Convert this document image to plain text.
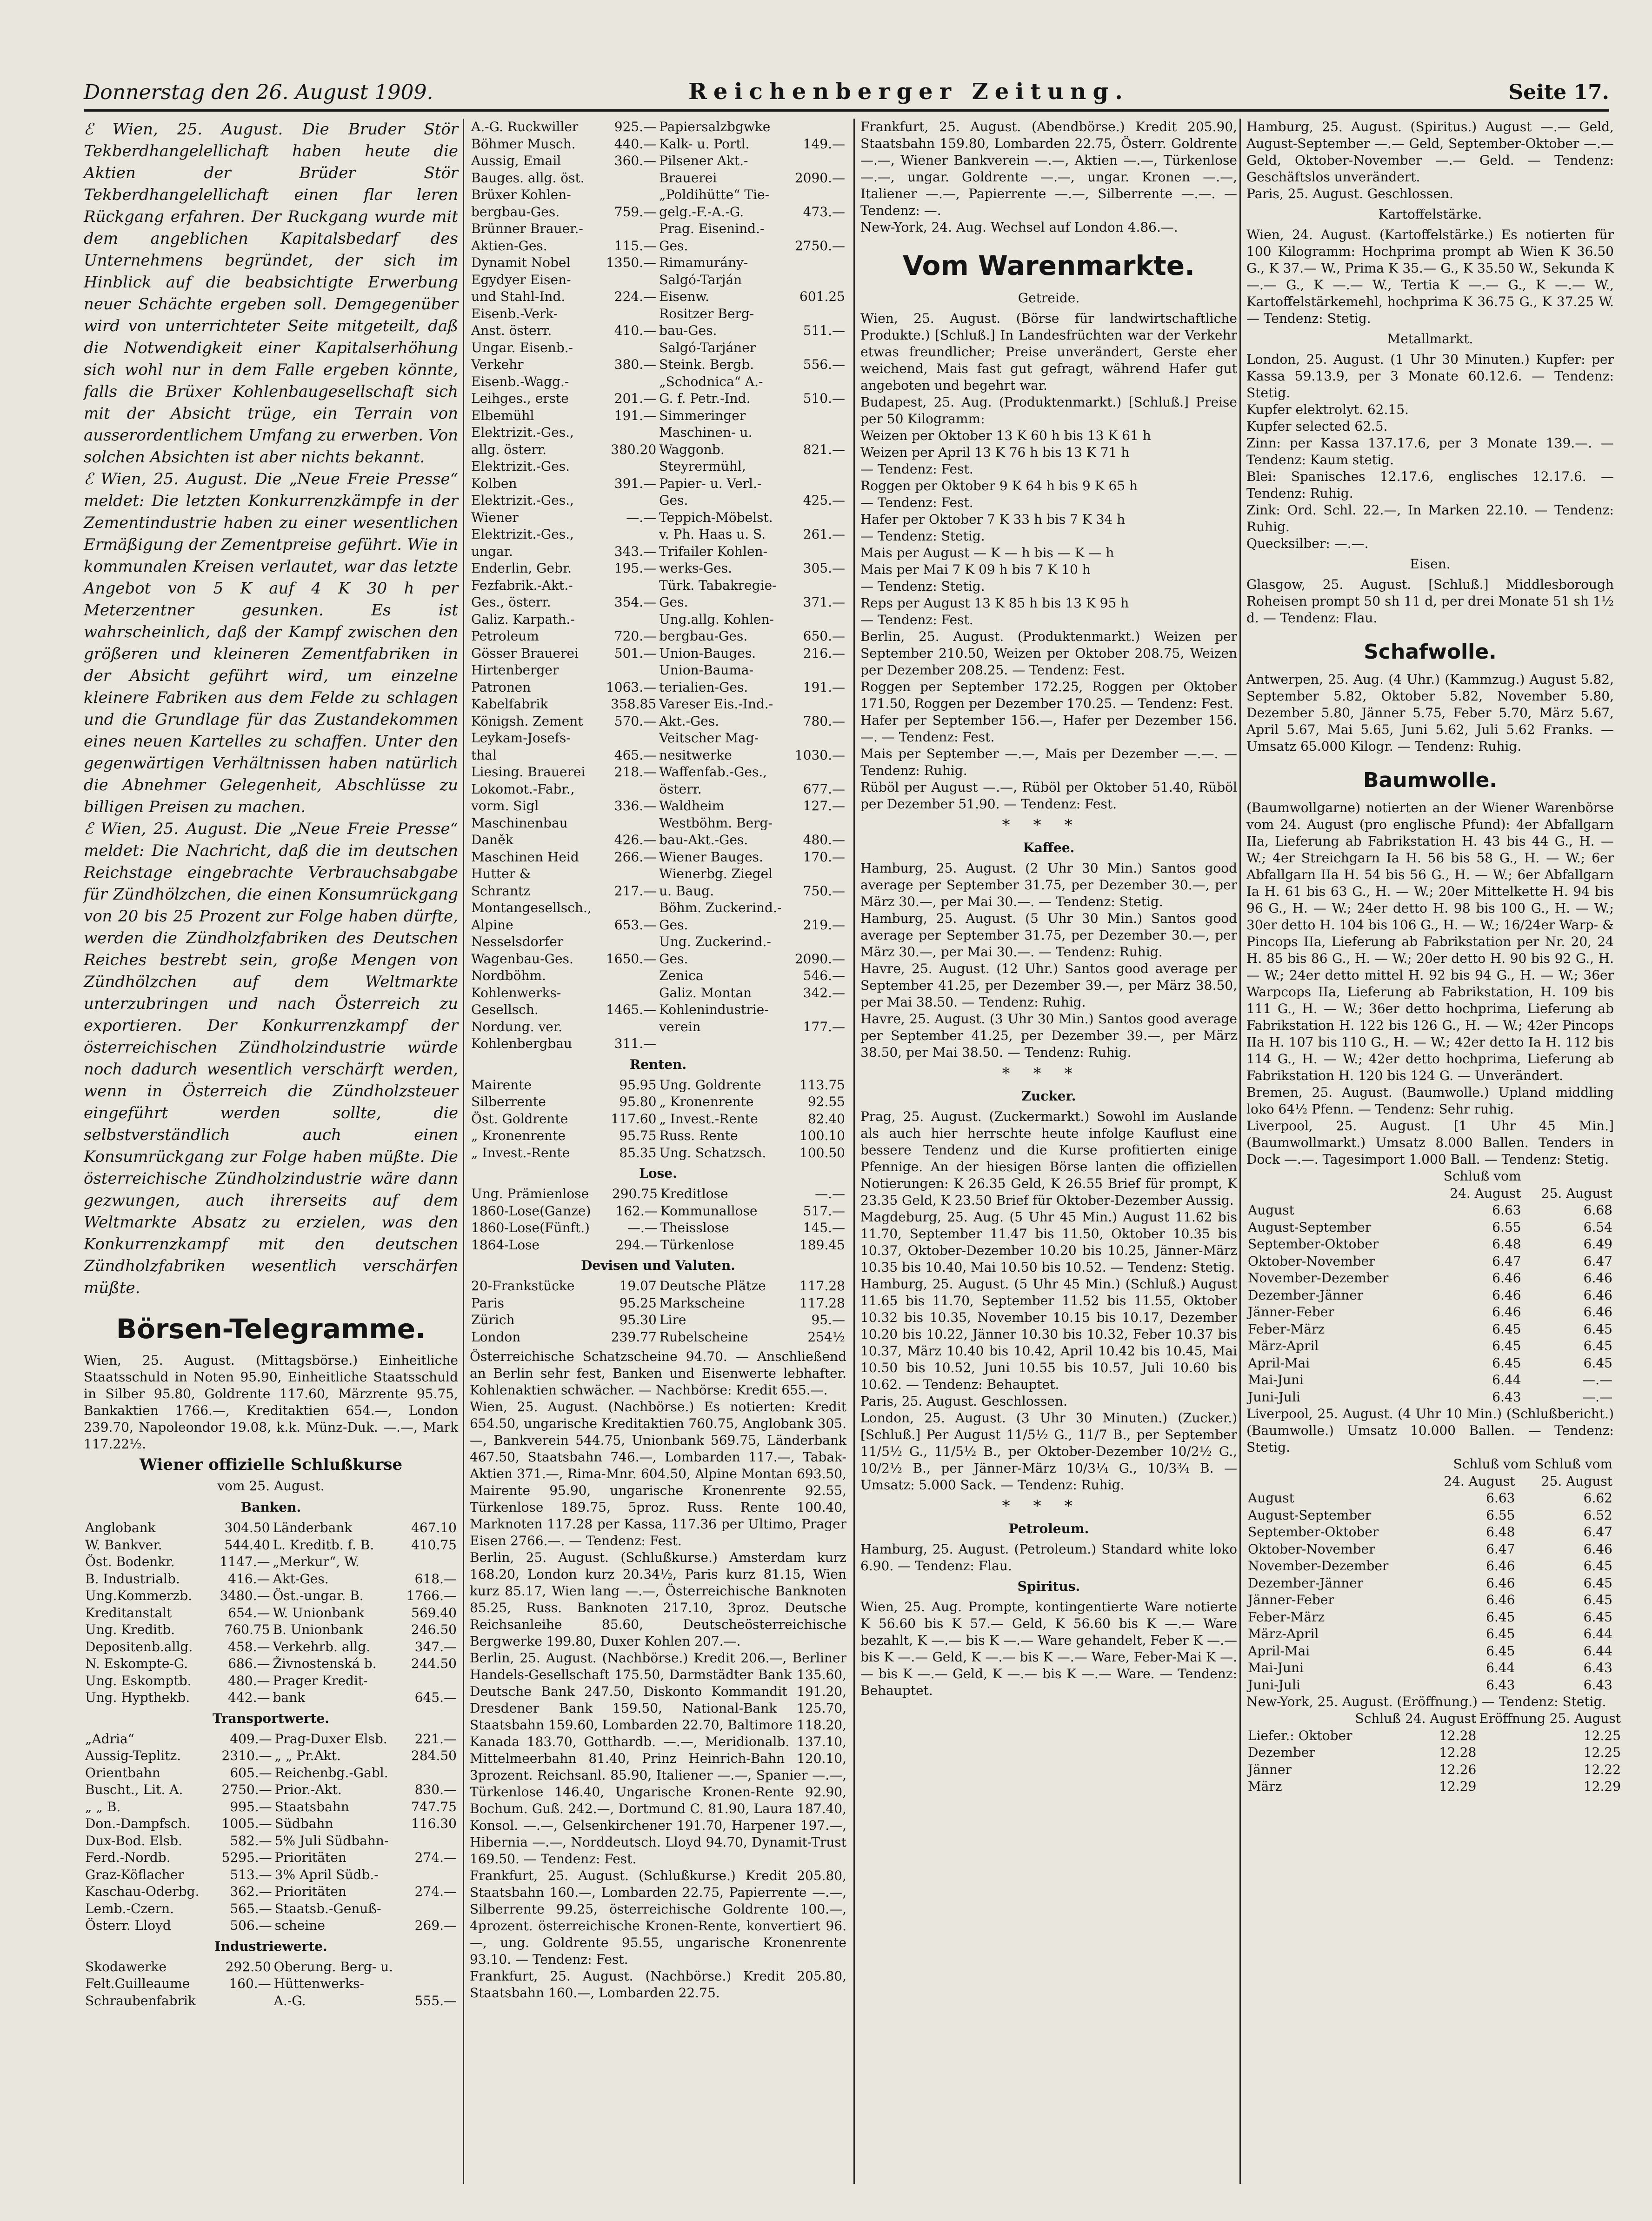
Donnerstag den 26. August 1909.	Reichenberger Zeitung.	Seite 17.

ℰ Wien, 25. August. Die Bruder Stör Tekberdhangelellichaft haben heute die Aktien der Brüder Stör Tekberdhangelellichaft einen flar leren Rückgang erfahren. Der Ruckgang wurde mit dem angeblichen Kapitalsbedarf des Unternehmens begründet, der sich im Hinblick auf die beabsichtigte Erwerbung neuer Schächte ergeben soll. Demgegenüber wird von unterrichteter Seite mitgeteilt, daß die Notwendigkeit einer Kapitalserhöhung sich wohl nur in dem Falle ergeben könnte, falls die Brüxer Kohlenbaugesellschaft sich mit der Absicht trüge, ein Terrain von ausserordentlichem Umfang zu erwerben. Von solchen Absichten ist aber nichts bekannt.

ℰ Wien, 25. August. Die „Neue Freie Presse“ meldet: Die letzten Konkurrenzkämpfe in der Zementindustrie haben zu einer wesentlichen Ermäßigung der Zementpreise geführt. Wie in kommunalen Kreisen verlautet, war das letzte Angebot von 5 K auf 4 K 30 h per Meterzentner gesunken. Es ist wahrscheinlich, daß der Kampf zwischen den größeren und kleineren Zementfabriken in der Absicht geführt wird, um einzelne kleinere Fabriken aus dem Felde zu schlagen und die Grundlage für das Zustandekommen eines neuen Kartelles zu schaffen. Unter den gegenwärtigen Verhältnissen haben natürlich die Abnehmer Gelegenheit, Abschlüsse zu billigen Preisen zu machen.

ℰ Wien, 25. August. Die „Neue Freie Presse“ meldet: Die Nachricht, daß die im deutschen Reichstage eingebrachte Verbrauchsabgabe für Zündhölzchen, die einen Konsumrückgang von 20 bis 25 Prozent zur Folge haben dürfte, werden die Zündholzfabriken des Deutschen Reiches bestrebt sein, große Mengen von Zündhölzchen auf dem Weltmarkte unterzubringen und nach Österreich zu exportieren. Der Konkurrenzkampf der österreichischen Zündholzindustrie würde noch dadurch wesentlich verschärft werden, wenn in Österreich die Zündholzsteuer eingeführt werden sollte, die selbstverständlich auch einen Konsumrückgang zur Folge haben müßte. Die österreichische Zündholzindustrie wäre dann gezwungen, auch ihrerseits auf dem Weltmarkte Absatz zu erzielen, was den Konkurrenzkampf mit den deutschen Zündholzfabriken wesentlich verschärfen müßte.

Börsen-Telegramme.

Wien, 25. August. (Mittagsbörse.) Einheitliche Staatsschuld in Noten 95.90, Einheitliche Staatsschuld in Silber 95.80, Goldrente 117.60, Märzrente 95.75, Bankaktien 1766.—, Kreditaktien 654.—, London 239.70, Napoleondor 19.08, k.k. Münz-Duk. —.—, Mark 117.22½.

Wiener offizielle Schlußkurse
vom 25. August.
Banken.
Anglobank	304.50	Länderbank	467.10
W. Bankver.	544.40	L. Kreditb. f. B.	410.75
Öst. Bodenkr.	1147.—	„Merkur“, W.	
B. Industrialb.	416.—	Akt-Ges.	618.—
Ung.Kommerzb.	3480.—	Öst.-ungar. B.	1766.—
Kreditanstalt	654.—	W. Unionbank	569.40
Ung. Kreditb.	760.75	B. Unionbank	246.50
Depositenb.allg.	458.—	Verkehrb. allg.	347.—
N. Eskompte-G.	686.—	Živnostenská b.	244.50
Ung. Eskomptb.	480.—	Prager Kredit-	
Ung. Hypthekb.	442.—	bank	645.—
Transportwerte.
„Adria“	409.—	Prag-Duxer Elsb.	221.—
Aussig-Teplitz.	2310.—	„ „ Pr.Akt.	284.50
Orientbahn	605.—	Reichenbg.-Gabl.	
Buscht., Lit. A.	2750.—	Prior.-Akt.	830.—
„ „ B.	995.—	Staatsbahn	747.75
Don.-Dampfsch.	1005.—	Südbahn	116.30
Dux-Bod. Elsb.	582.—	5% Juli Südbahn-	
Ferd.-Nordb.	5295.—	Prioritäten	274.—
Graz-Köflacher	513.—	3% April Südb.-	
Kaschau-Oderbg.	362.—	Prioritäten	274.—
Lemb.-Czern.	565.—	Staatsb.-Genuß-	
Österr. Lloyd	506.—	scheine	269.—
Industriewerte.
Skodawerke	292.50	Oberung. Berg- u.	
Felt.Guilleaume	160.—	Hüttenwerks-	
Schraubenfabrik		A.-G.	555.—
A.-G. Ruckwiller	925.—	Papiersalzbgwke	
Böhmer Musch.	440.—	Kalk- u. Portl.	149.—
Aussig, Email	360.—	Pilsener Akt.-	
Bauges. allg. öst.		Brauerei	2090.—
Brüxer Kohlen-		„Poldihütte“ Tie-	
bergbau-Ges.	759.—	gelg.-F.-A.-G.	473.—
Brünner Brauer.-		Prag. Eisenind.-	
Aktien-Ges.	115.—	Ges.	2750.—
Dynamit Nobel	1350.—	Rimamurány-	
Egydyer Eisen-		Salgó-Tarján	
und Stahl-Ind.	224.—	Eisenw.	601.25
Eisenb.-Verk-		Rositzer Berg-	
Anst. österr.	410.—	bau-Ges.	511.—
Ungar. Eisenb.-		Salgó-Tarjáner	
Verkehr	380.—	Steink. Bergb.	556.—
Eisenb.-Wagg.-		„Schodnica“ A.-	
Leihges., erste	201.—	G. f. Petr.-Ind.	510.—
Elbemühl	191.—	Simmeringer	
Elektrizit.-Ges.,		Maschinen- u.	
allg. österr.	380.20	Waggonb.	821.—
Elektrizit.-Ges.		Steyrermühl,	
Kolben	391.—	Papier- u. Verl.-	
Elektrizit.-Ges.,		Ges.	425.—
Wiener	—.—	Teppich-Möbelst.	
Elektrizit.-Ges.,		v. Ph. Haas u. S.	261.—
ungar.	343.—	Trifailer Kohlen-	
Enderlin, Gebr.	195.—	werks-Ges.	305.—
Fezfabrik.-Akt.-		Türk. Tabakregie-	
Ges., österr.	354.—	Ges.	371.—
Galiz. Karpath.-		Ung.allg. Kohlen-	
Petroleum	720.—	bergbau-Ges.	650.—
Gösser Brauerei	501.—	Union-Bauges.	216.—
Hirtenberger		Union-Bauma-	
Patronen	1063.—	terialien-Ges.	191.—
Kabelfabrik	358.85	Vareser Eis.-Ind.-	
Königsh. Zement	570.—	Akt.-Ges.	780.—
Leykam-Josefs-		Veitscher Mag-	
thal	465.—	nesitwerke	1030.—
Liesing. Brauerei	218.—	Waffenfab.-Ges.,	
Lokomot.-Fabr.,		österr.	677.—
vorm. Sigl	336.—	Waldheim	127.—
Maschinenbau		Westböhm. Berg-	
Daněk	426.—	bau-Akt.-Ges.	480.—
Maschinen Heid	266.—	Wiener Bauges.	170.—
Hutter &		Wienerbg. Ziegel	
Schrantz	217.—	u. Baug.	750.—
Montangesellsch.,		Böhm. Zuckerind.-	
Alpine	653.—	Ges.	219.—
Nesselsdorfer		Ung. Zuckerind.-	
Wagenbau-Ges.	1650.—	Ges.	2090.—
Nordböhm.		Zenica	546.—
Kohlenwerks-		Galiz. Montan	342.—
Gesellsch.	1465.—	Kohlenindustrie-	
Nordung. ver.		verein	177.—
Kohlenbergbau	311.—		
Renten.
Mairente	95.95	Ung. Goldrente	113.75
Silberrente	95.80	„ Kronenrente	92.55
Öst. Goldrente	117.60	„ Invest.-Rente	82.40
„ Kronenrente	95.75	Russ. Rente	100.10
„ Invest.-Rente	85.35	Ung. Schatzsch.	100.50
Lose.
Ung. Prämienlose	290.75	Kreditlose	—.—
1860-Lose(Ganze)	162.—	Kommunallose	517.—
1860-Lose(Fünft.)	—.—	Theisslose	145.—
1864-Lose	294.—	Türkenlose	189.45
Devisen und Valuten.
20-Frankstücke	19.07	Deutsche Plätze	117.28
Paris	95.25	Markscheine	117.28
Zürich	95.30	Lire	95.—
London	239.77	Rubelscheine	254½

Österreichische Schatzscheine 94.70. — Anschließend an Berlin sehr fest, Banken und Eisenwerte lebhafter. Kohlenaktien schwächer. — Nachbörse: Kredit 655.—.

Wien, 25. August. (Nachbörse.) Es notierten: Kredit 654.50, ungarische Kreditaktien 760.75, Anglobank 305.—, Bankverein 544.75, Unionbank 569.75, Länderbank 467.50, Staatsbahn 746.—, Lombarden 117.—, Tabak-Aktien 371.—, Rima-Mnr. 604.50, Alpine Montan 693.50, Mairente 95.90, ungarische Kronenrente 92.55, Türkenlose 189.75, 5proz. Russ. Rente 100.40, Marknoten 117.28 per Kassa, 117.36 per Ultimo, Prager Eisen 2766.—. — Tendenz: Fest.

Berlin, 25. August. (Schlußkurse.) Amsterdam kurz 168.20, London kurz 20.34½, Paris kurz 81.15, Wien kurz 85.17, Wien lang —.—, Österreichische Banknoten 85.25, Russ. Banknoten 217.10, 3proz. Deutsche Reichsanleihe 85.60, Deutscheösterreichische Bergwerke 199.80, Duxer Kohlen 207.—.

Berlin, 25. August. (Nachbörse.) Kredit 206.—, Berliner Handels-Gesellschaft 175.50, Darmstädter Bank 135.60, Deutsche Bank 247.50, Diskonto Kommandit 191.20, Dresdener Bank 159.50, National-Bank 125.70, Staatsbahn 159.60, Lombarden 22.70, Baltimore 118.20, Kanada 183.70, Gotthardb. —.—, Meridionalb. 137.10, Mittelmeerbahn 81.40, Prinz Heinrich-Bahn 120.10, 3prozent. Reichsanl. 85.90, Italiener —.—, Spanier —.—, Türkenlose 146.40, Ungarische Kronen-Rente 92.90, Bochum. Guß. 242.—, Dortmund C. 81.90, Laura 187.40, Konsol. —.—, Gelsenkirchener 191.70, Harpener 197.—, Hibernia —.—, Norddeutsch. Lloyd 94.70, Dynamit-Trust 169.50. — Tendenz: Fest.

Frankfurt, 25. August. (Schlußkurse.) Kredit 205.80, Staatsbahn 160.—, Lombarden 22.75, Papierrente —.—, Silberrente 99.25, österreichische Goldrente 100.—, 4prozent. österreichische Kronen-Rente, konvertiert 96.—, ung. Goldrente 95.55, ungarische Kronenrente 93.10. — Tendenz: Fest.

Frankfurt, 25. August. (Nachbörse.) Kredit 205.80, Staatsbahn 160.—, Lombarden 22.75.

Frankfurt, 25. August. (Abendbörse.) Kredit 205.90, Staatsbahn 159.80, Lombarden 22.75, Österr. Goldrente —.—, Wiener Bankverein —.—, Aktien —.—, Türkenlose —.—, ungar. Goldrente —.—, ungar. Kronen —.—, Italiener —.—, Papierrente —.—, Silberrente —.—. — Tendenz: —.

New-York, 24. Aug. Wechsel auf London 4.86.—.

Vom Warenmarkte.
Getreide.

Wien, 25. August. (Börse für landwirtschaftliche Produkte.) [Schluß.] In Landesfrüchten war der Verkehr etwas freundlicher; Preise unverändert, Gerste eher weichend, Mais fast gut gefragt, während Hafer gut angeboten und begehrt war.

Budapest, 25. Aug. (Produktenmarkt.) [Schluß.] Preise per 50 Kilogramm:

Weizen per Oktober 13 K 60 h bis 13 K 61 h

Weizen per April 13 K 76 h bis 13 K 71 h

— Tendenz: Fest.

Roggen per Oktober 9 K 64 h bis 9 K 65 h

— Tendenz: Fest.

Hafer per Oktober 7 K 33 h bis 7 K 34 h

— Tendenz: Stetig.

Mais per August — K — h bis — K — h

Mais per Mai 7 K 09 h bis 7 K 10 h

— Tendenz: Stetig.

Reps per August 13 K 85 h bis 13 K 95 h

— Tendenz: Fest.

Berlin, 25. August. (Produktenmarkt.) Weizen per September 210.50, Weizen per Oktober 208.75, Weizen per Dezember 208.25. — Tendenz: Fest.

Roggen per September 172.25, Roggen per Oktober 171.50, Roggen per Dezember 170.25. — Tendenz: Fest.

Hafer per September 156.—, Hafer per Dezember 156.—. — Tendenz: Fest.

Mais per September —.—, Mais per Dezember —.—. — Tendenz: Ruhig.

Rüböl per August —.—, Rüböl per Oktober 51.40, Rüböl per Dezember 51.90. — Tendenz: Fest.

***
Kaffee.

Hamburg, 25. August. (2 Uhr 30 Min.) Santos good average per September 31.75, per Dezember 30.—, per März 30.—, per Mai 30.—. — Tendenz: Stetig.

Hamburg, 25. August. (5 Uhr 30 Min.) Santos good average per September 31.75, per Dezember 30.—, per März 30.—, per Mai 30.—. — Tendenz: Ruhig.

Havre, 25. August. (12 Uhr.) Santos good average per September 41.25, per Dezember 39.—, per März 38.50, per Mai 38.50. — Tendenz: Ruhig.

Havre, 25. August. (3 Uhr 30 Min.) Santos good average per September 41.25, per Dezember 39.—, per März 38.50, per Mai 38.50. — Tendenz: Ruhig.

***
Zucker.

Prag, 25. August. (Zuckermarkt.) Sowohl im Auslande als auch hier herrschte heute infolge Kauflust eine bessere Tendenz und die Kurse profitierten einige Pfennige. An der hiesigen Börse lanten die offiziellen Notierungen: K 26.35 Geld, K 26.55 Brief für prompt, K 23.35 Geld, K 23.50 Brief für Oktober-Dezember Aussig.

Magdeburg, 25. Aug. (5 Uhr 45 Min.) August 11.62 bis 11.70, September 11.47 bis 11.50, Oktober 10.35 bis 10.37, Oktober-Dezember 10.20 bis 10.25, Jänner-März 10.35 bis 10.40, Mai 10.50 bis 10.52. — Tendenz: Stetig.

Hamburg, 25. August. (5 Uhr 45 Min.) (Schluß.) August 11.65 bis 11.70, September 11.52 bis 11.55, Oktober 10.32 bis 10.35, November 10.15 bis 10.17, Dezember 10.20 bis 10.22, Jänner 10.30 bis 10.32, Feber 10.37 bis 10.37, März 10.40 bis 10.42, April 10.42 bis 10.45, Mai 10.50 bis 10.52, Juni 10.55 bis 10.57, Juli 10.60 bis 10.62. — Tendenz: Behauptet.

Paris, 25. August. Geschlossen.

London, 25. August. (3 Uhr 30 Minuten.) (Zucker.) [Schluß.] Per August 11/5½ G., 11/7 B., per September 11/5½ G., 11/5½ B., per Oktober-Dezember 10/2½ G., 10/2½ B., per Jänner-März 10/3¼ G., 10/3¾ B. — Umsatz: 5.000 Sack. — Tendenz: Ruhig.

***
Petroleum.

Hamburg, 25. August. (Petroleum.) Standard white loko 6.90. — Tendenz: Flau.

Spiritus.

Wien, 25. Aug. Prompte, kontingentierte Ware notierte K 56.60 bis K 57.— Geld, K 56.60 bis K —.— Ware bezahlt, K —.— bis K —.— Ware gehandelt, Feber K —.— bis K —.— Geld, K —.— bis K —.— Ware, Feber-Mai K —.— bis K —.— Geld, K —.— bis K —.— Ware. — Tendenz: Behauptet.

Hamburg, 25. August. (Spiritus.) August —.— Geld, August-September —.— Geld, September-Oktober —.— Geld, Oktober-November —.— Geld. — Tendenz: Geschäftslos unverändert.

Paris, 25. August. Geschlossen.

Kartoffelstärke.

Wien, 24. August. (Kartoffelstärke.) Es notierten für 100 Kilogramm: Hochprima prompt ab Wien K 36.50 G., K 37.— W., Prima K 35.— G., K 35.50 W., Sekunda K —.— G., K —.— W., Tertia K —.— G., K —.— W., Kartoffelstärkemehl, hochprima K 36.75 G., K 37.25 W. — Tendenz: Stetig.

Metallmarkt.

London, 25. August. (1 Uhr 30 Minuten.) Kupfer: per Kassa 59.13.9, per 3 Monate 60.12.6. — Tendenz: Stetig.

Kupfer elektrolyt. 62.15.

Kupfer selected 62.5.

Zinn: per Kassa 137.17.6, per 3 Monate 139.—. — Tendenz: Kaum stetig.

Blei: Spanisches 12.17.6, englisches 12.17.6. — Tendenz: Ruhig.

Zink: Ord. Schl. 22.—, In Marken 22.10. — Tendenz: Ruhig.

Quecksilber: —.—.

Eisen.

Glasgow, 25. August. [Schluß.] Middlesborough Roheisen prompt 50 sh 11 d, per drei Monate 51 sh 1½ d. — Tendenz: Flau.

Schafwolle.

Antwerpen, 25. Aug. (4 Uhr.) (Kammzug.) August 5.82, September 5.82, Oktober 5.82, November 5.80, Dezember 5.80, Jänner 5.75, Feber 5.70, März 5.67, April 5.67, Mai 5.65, Juni 5.62, Juli 5.62 Franks. — Umsatz 65.000 Kilogr. — Tendenz: Ruhig.

Baumwolle.

(Baumwollgarne) notierten an der Wiener Warenbörse vom 24. August (pro englische Pfund): 4er Abfallgarn IIa, Lieferung ab Fabrikstation H. 43 bis 44 G., H. — W.; 4er Streichgarn Ia H. 56 bis 58 G., H. — W.; 6er Abfallgarn IIa H. 54 bis 56 G., H. — W.; 6er Abfallgarn Ia H. 61 bis 63 G., H. — W.; 20er Mittelkette H. 94 bis 96 G., H. — W.; 24er detto H. 98 bis 100 G., H. — W.; 30er detto H. 104 bis 106 G., H. — W.; 16/24er Warp- & Pincops IIa, Lieferung ab Fabrikstation per Nr. 20, 24 H. 85 bis 86 G., H. — W.; 20er detto H. 90 bis 92 G., H. — W.; 24er detto mittel H. 92 bis 94 G., H. — W.; 36er Warpcops IIa, Lieferung ab Fabrikstation, H. 109 bis 111 G., H. — W.; 36er detto hochprima, Lieferung ab Fabrikstation H. 122 bis 126 G., H. — W.; 42er Pincops IIa H. 107 bis 110 G., H. — W.; 42er detto Ia H. 112 bis 114 G., H. — W.; 42er detto hochprima, Lieferung ab Fabrikstation H. 120 bis 124 G. — Unverändert.

Bremen, 25. August. (Baumwolle.) Upland middling loko 64½ Pfenn. — Tendenz: Sehr ruhig.

Liverpool, 25. August. [1 Uhr 45 Min.] (Baumwollmarkt.) Umsatz 8.000 Ballen. Tenders in Dock —.—. Tagesimport 1.000 Ball. — Tendenz: Stetig.

	Schluß vom	
	24. August	25. August
August	6.63	6.68
August-September	6.55	6.54
September-Oktober	6.48	6.49
Oktober-November	6.47	6.47
November-Dezember	6.46	6.46
Dezember-Jänner	6.46	6.46
Jänner-Feber	6.46	6.46
Feber-März	6.45	6.45
März-April	6.45	6.45
April-Mai	6.45	6.45
Mai-Juni	6.44	—.—
Juni-Juli	6.43	—.—

Liverpool, 25. August. (4 Uhr 10 Min.) (Schlußbericht.) (Baumwolle.) Umsatz 10.000 Ballen. — Tendenz: Stetig.

	Schluß vom Schluß vom	
	24. August	25. August
August	6.63	6.62
August-September	6.55	6.52
September-Oktober	6.48	6.47
Oktober-November	6.47	6.46
November-Dezember	6.46	6.45
Dezember-Jänner	6.46	6.45
Jänner-Feber	6.46	6.45
Feber-März	6.45	6.45
März-April	6.45	6.44
April-Mai	6.45	6.44
Mai-Juni	6.44	6.43
Juni-Juli	6.43	6.43

New-York, 25. August. (Eröffnung.) — Tendenz: Stetig.

	Schluß 24. August	Eröffnung 25. August
Liefer.: Oktober	12.28	12.25
Dezember	12.28	12.25
Jänner	12.26	12.22
März	12.29	12.29
